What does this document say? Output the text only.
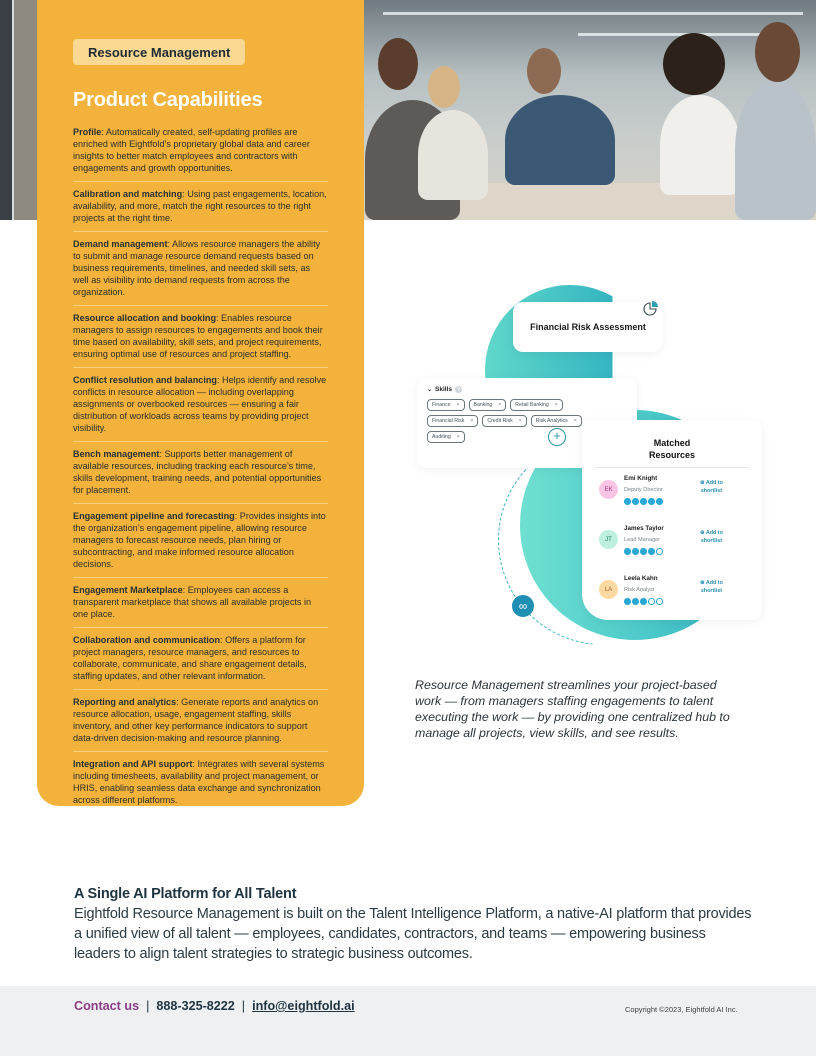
Resource Management
Product Capabilities
Profile: Automatically created, self-updating profiles are enriched with Eightfold’s proprietary global data and career insights to better match employees and contractors with engagements and growth opportunities.
Calibration and matching: Using past engagements, location, availability, and more, match the right resources to the right projects at the right time.
Demand management: Allows resource managers the ability to submit and manage resource demand requests based on business requirements, timelines, and needed skill sets, as well as visibility into demand requests from across the organization.
Resource allocation and booking: Enables resource managers to assign resources to engagements and book their time based on availability, skill sets, and project requirements, ensuring optimal use of resources and project staffing.
Conflict resolution and balancing: Helps identify and resolve conflicts in resource allocation — including overlapping assignments or overbooked resources — ensuring a fair distribution of workloads across teams by providing project visibility.
Bench management: Supports better management of available resources, including tracking each resource’s time, skills development, training needs, and potential opportunities for placement.
Engagement pipeline and forecasting: Provides insights into the organization’s engagement pipeline, allowing resource managers to forecast resource needs, plan hiring or subcontracting, and make informed resource allocation decisions.
Engagement Marketplace: Employees can access a transparent marketplace that shows all available projects in one place.
Collaboration and communication: Offers a platform for project managers, resource managers, and resources to collaborate, communicate, and share engagement details, staffing updates, and other relevant information.
Reporting and analytics: Generate reports and analytics on resource allocation, usage, engagement staffing, skills inventory, and other key performance indicators to support data-driven decision-making and resource planning.
Integration and API support: Integrates with several systems including timesheets, availability and project management, or HRIS, enabling seamless data exchange and synchronization across different platforms.
Financial Risk Assessment
⌄ Skills ?
Finance ×	Banking ×	Retail Banking ×
Financial Risk ×	Credit Risk ×	Risk Analytics ×
Auditing ×	+	Matched
Resources
EK
Emi Knight
Deputy Director
⊕ Add to
shortlist
JT
James Taylor
Lead Manager
⊕ Add to
shortlist
LA
Leela Kahn
Risk Analyst
⊕ Add to
shortlist
∞

Resource Management streamlines your project-based work — from managers staffing engagements to talent executing the work — by providing one centralized hub to manage all projects, view skills, and see results.

A Single AI Platform for All Talent

Eightfold Resource Management is built on the Talent Intelligence Platform, a native-AI platform that provides a unified view of all talent — employees, candidates, contractors, and teams — empowering business leaders to align talent strategies to strategic business outcomes.

Contact us | 888-325-8222 | info@eightfold.ai	Copyright ©2023, Eightfold AI Inc.
